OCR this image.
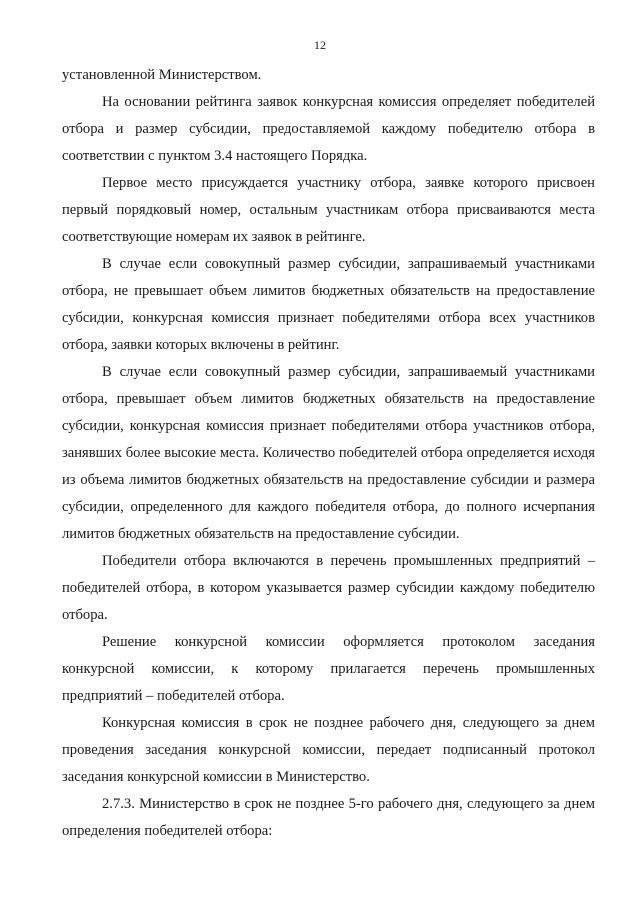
12

установленной Министерством.

На основании рейтинга заявок конкурсная комиссия определяет победителей отбора и размер субсидии, предоставляемой каждому победителю отбора в соответствии с пунктом 3.4 настоящего Порядка.

Первое место присуждается участнику отбора, заявке которого присвоен первый порядковый номер, остальным участникам отбора присваиваются места соответствующие номерам их заявок в рейтинге.

В случае если совокупный размер субсидии, запрашиваемый участниками отбора, не превышает объем лимитов бюджетных обязательств на предоставление субсидии, конкурсная комиссия признает победителями отбора всех участников отбора, заявки которых включены в рейтинг.

В случае если совокупный размер субсидии, запрашиваемый участниками отбора, превышает объем лимитов бюджетных обязательств на предоставление субсидии, конкурсная комиссия признает победителями отбора участников отбора, занявших более высокие места. Количество победителей отбора определяется исходя из объема лимитов бюджетных обязательств на предоставление субсидии и размера субсидии, определенного для каждого победителя отбора, до полного исчерпания лимитов бюджетных обязательств на предоставление субсидии.

Победители отбора включаются в перечень промышленных предприятий – победителей отбора, в котором указывается размер субсидии каждому победителю отбора.

Решение конкурсной комиссии оформляется протоколом заседания конкурсной комиссии, к которому прилагается перечень промышленных предприятий – победителей отбора.

Конкурсная комиссия в срок не позднее рабочего дня, следующего за днем проведения заседания конкурсной комиссии, передает подписанный протокол заседания конкурсной комиссии в Министерство.

2.7.3. Министерство в срок не позднее 5-го рабочего дня, следующего за днем определения победителей отбора:
